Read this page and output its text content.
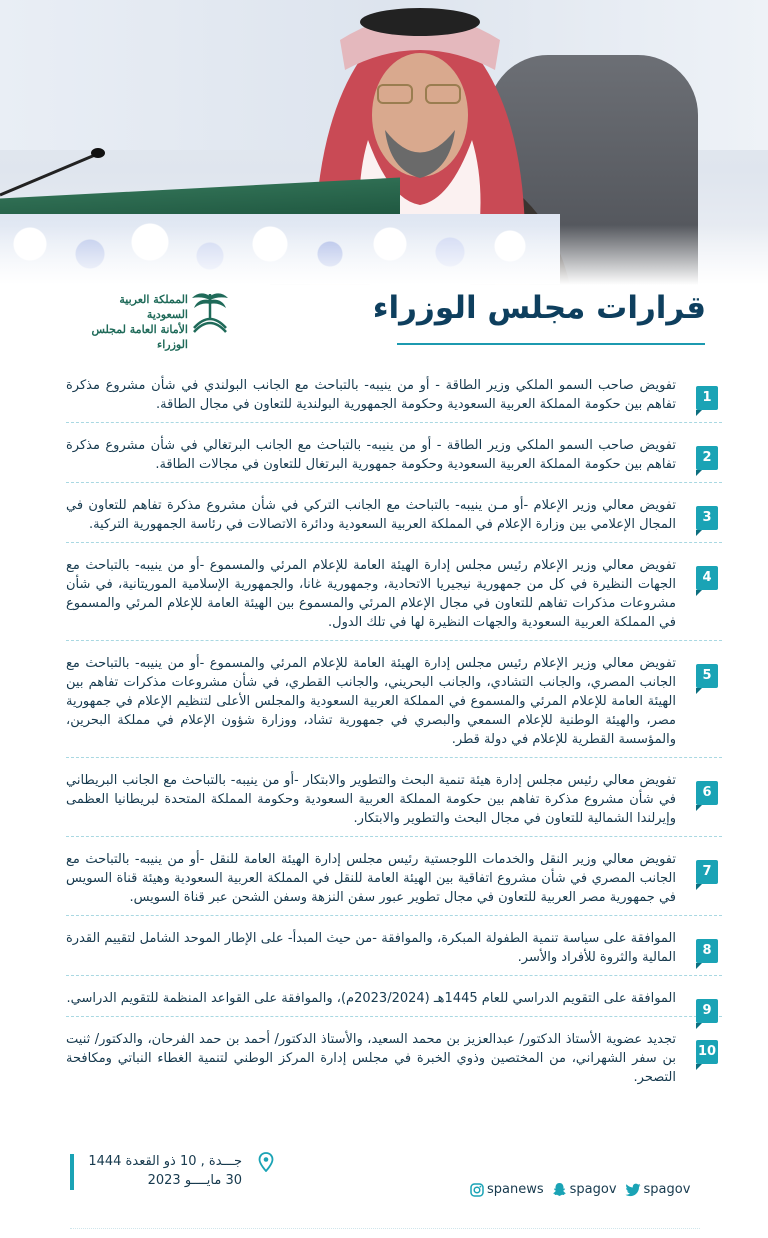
المملكة العربية السعودية
الأمانة العامة لمجلس الوزراء
قرارات مجلس الوزراء
1
تفويض صاحب السمو الملكي وزير الطاقة - أو من ينيبه- بالتباحث مع الجانب البولندي في شأن مشروع مذكرة تفاهم بين حكومة المملكة العربية السعودية وحكومة الجمهورية البولندية للتعاون في مجال الطاقة.
2
تفويض صاحب السمو الملكي وزير الطاقة - أو من ينيبه- بالتباحث مع الجانب البرتغالي في شأن مشروع مذكرة تفاهم بين حكومة المملكة العربية السعودية وحكومة جمهورية البرتغال للتعاون في مجالات الطاقة.
3
تفويض معالي وزير الإعلام -أو مـن ينيبه- بالتباحث مع الجانب التركي في شأن مشروع مذكرة تفاهم للتعاون في المجال الإعلامي بين وزارة الإعلام في المملكة العربية السعودية ودائرة الاتصالات في رئاسة الجمهورية التركية.
4
تفويض معالي وزير الإعلام رئيس مجلس إدارة الهيئة العامة للإعلام المرئي والمسموع -أو من ينيبه- بالتباحث مع الجهات النظيرة في كل من جمهورية نيجيريا الاتحادية، وجمهورية غانا، والجمهورية الإسلامية الموريتانية، في شأن مشروعات مذكرات تفاهم للتعاون في مجال الإعلام المرئي والمسموع بين الهيئة العامة للإعلام المرئي والمسموع في المملكة العربية السعودية والجهات النظيرة لها في تلك الدول.
5
تفويض معالي وزير الإعلام رئيس مجلس إدارة الهيئة العامة للإعلام المرئي والمسموع -أو من ينيبه- بالتباحث مع الجانب المصري، والجانب التشادي، والجانب البحريني، والجانب القطري، في شأن مشروعات مذكرات تفاهم بين الهيئة العامة للإعلام المرئي والمسموع في المملكة العربية السعودية والمجلس الأعلى لتنظيم الإعلام في جمهورية مصر، والهيئة الوطنية للإعلام السمعي والبصري في جمهورية تشاد، ووزارة شؤون الإعلام في مملكة البحرين، والمؤسسة القطرية للإعلام في دولة قطر.
6
تفويض معالي رئيس مجلس إدارة هيئة تنمية البحث والتطوير والابتكار -أو من ينيبه- بالتباحث مع الجانب البريطاني في شأن مشروع مذكرة تفاهم بين حكومة المملكة العربية السعودية وحكومة المملكة المتحدة لبريطانيا العظمى وإيرلندا الشمالية للتعاون في مجال البحث والتطوير والابتكار.
7
تفويض معالي وزير النقل والخدمات اللوجستية رئيس مجلس إدارة الهيئة العامة للنقل -أو من ينيبه- بالتباحث مع الجانب المصري في شأن مشروع اتفاقية بين الهيئة العامة للنقل في المملكة العربية السعودية وهيئة قناة السويس في جمهورية مصر العربية للتعاون في مجال تطوير عبور سفن النزهة وسفن الشحن عبر قناة السويس.
8
الموافقة على سياسة تنمية الطفولة المبكرة، والموافقة -من حيث المبدأ- على الإطار الموحد الشامل لتقييم القدرة المالية والثروة للأفراد والأسر.
9
الموافقة على التقويم الدراسي للعام 1445هـ (2023/2024م)، والموافقة على القواعد المنظمة للتقويم الدراسي.
10
تجديد عضوية الأستاذ الدكتور/ عبدالعزيز بن محمد السعيد، والأستاذ الدكتور/ أحمد بن حمد الفرحان، والدكتور/ ثنيت بن سفر الشهراني، من المختصين وذوي الخبرة في مجلس إدارة المركز الوطني لتنمية الغطاء النباتي ومكافحة التصحر.
جـــدة , 10 ذو القعدة 1444
30 مايــــو 2023
spanews spagov spagov
